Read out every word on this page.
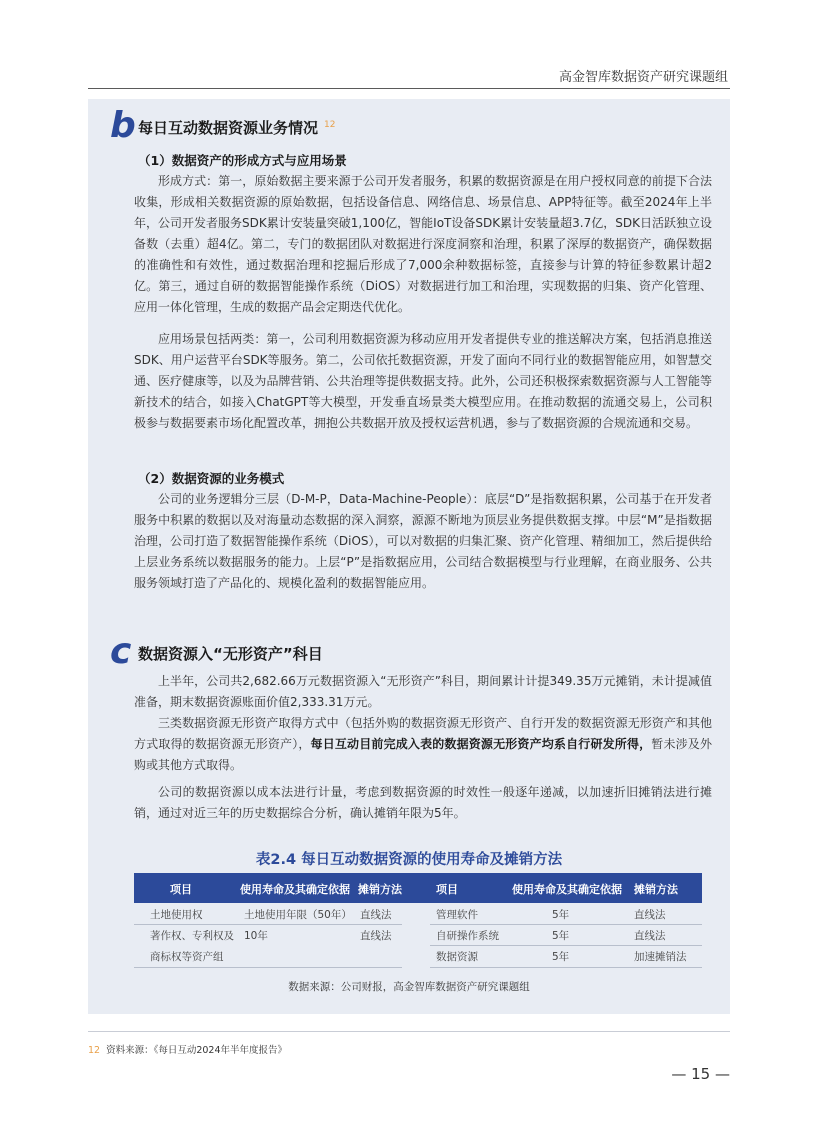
高金智库数据资产研究课题组
b 每日互动数据资源业务情况 $^{12}$
（1）数据资产的形成方式与应用场景

形成方式：第一，原始数据主要来源于公司开发者服务，积累的数据资源是在用户授权同意的前提下合法收集，形成相关数据资源的原始数据，包括设备信息、网络信息、场景信息、APP特征等。截至2024年上半年，公司开发者服务SDK累计安装量突破1,100亿，智能IoT设备SDK累计安装量超3.7亿，SDK日活跃独立设备数（去重）超4亿。第二，专门的数据团队对数据进行深度洞察和治理，积累了深厚的数据资产，确保数据的准确性和有效性，通过数据治理和挖掘后形成了7,000余种数据标签，直接参与计算的特征参数累计超2亿。第三，通过自研的数据智能操作系统（DiOS）对数据进行加工和治理，实现数据的归集、资产化管理、应用一体化管理，生成的数据产品会定期迭代优化。

应用场景包括两类：第一，公司利用数据资源为移动应用开发者提供专业的推送解决方案，包括消息推送SDK、用户运营平台SDK等服务。第二，公司依托数据资源，开发了面向不同行业的数据智能应用，如智慧交通、医疗健康等，以及为品牌营销、公共治理等提供数据支持。此外，公司还积极探索数据资源与人工智能等新技术的结合，如接入ChatGPT等大模型，开发垂直场景类大模型应用。在推动数据的流通交易上，公司积极参与数据要素市场化配置改革，拥抱公共数据开放及授权运营机遇，参与了数据资源的合规流通和交易。

（2）数据资源的业务模式

公司的业务逻辑分三层（D-M-P，Data-Machine-People）：底层“D”是指数据积累，公司基于在开发者服务中积累的数据以及对海量动态数据的深入洞察，源源不断地为顶层业务提供数据支撑。中层“M”是指数据治理，公司打造了数据智能操作系统（DiOS），可以对数据的归集汇聚、资产化管理、精细加工，然后提供给上层业务系统以数据服务的能力。上层“P”是指数据应用，公司结合数据模型与行业理解，在商业服务、公共服务领域打造了产品化的、规模化盈利的数据智能应用。

c 数据资源入“无形资产”科目

上半年，公司共2,682.66万元数据资源入“无形资产”科目，期间累计计提349.35万元摊销，未计提减值准备，期末数据资源账面价值2,333.31万元。

三类数据资源无形资产取得方式中（包括外购的数据资源无形资产、自行开发的数据资源无形资产和其他方式取得的数据资源无形资产），每日互动目前完成入表的数据资源无形资产均系自行研发所得，暂未涉及外购或其他方式取得。

公司的数据资源以成本法进行计量，考虑到数据资源的时效性一般逐年递减，以加速折旧摊销法进行摊销，通过对近三年的历史数据综合分析，确认摊销年限为5年。

表2.4 每日互动数据资源的使用寿命及摊销方法
项目	使用寿命及其确定依据 摊销方法	项目	使用寿命及其确定依据 摊销方法
土地使用权	土地使用年限（50年） 直线法
著作权、专利权及
商标权等资产组
10年	直线法
管理软件	5年	直线法
自研操作系统	5年	直线法
数据资源	5年	加速摊销法
数据来源：公司财报，高金智库数据资产研究课题组
12 资料来源：《每日互动2024年半年度报告》
— 15 —
